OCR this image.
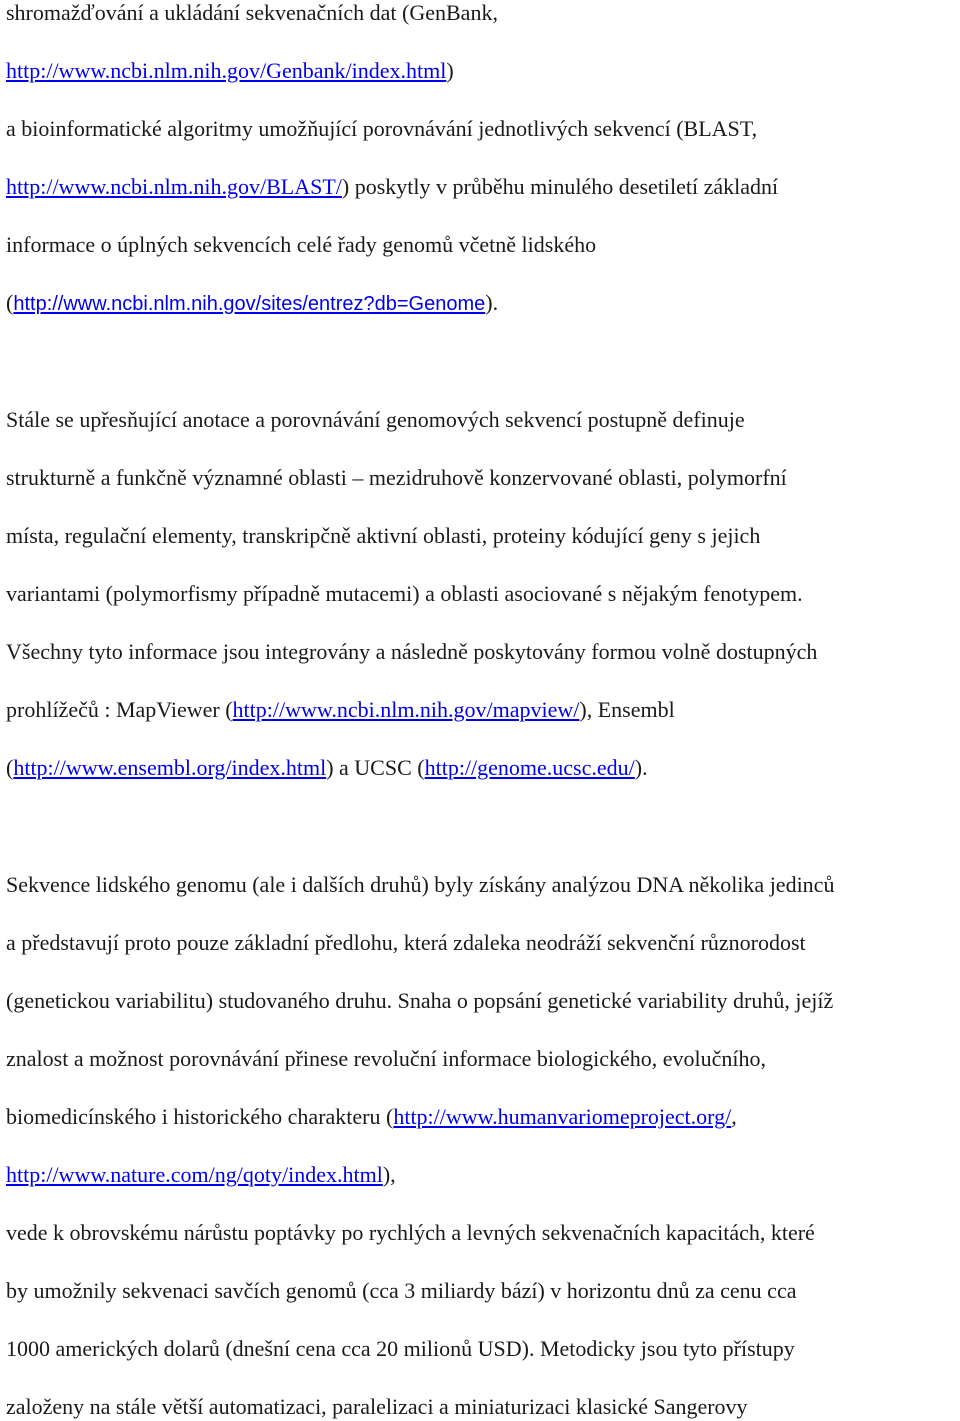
shromažďování a ukládání sekvenačních dat (GenBank,
http://www.ncbi.nlm.nih.gov/Genbank/index.html)
a bioinformatické algoritmy umožňující porovnávání jednotlivých sekvencí (BLAST,
http://www.ncbi.nlm.nih.gov/BLAST/) poskytly v průběhu minulého desetiletí základní
informace o úplných sekvencích celé řady genomů včetně lidského
(http://www.ncbi.nlm.nih.gov/sites/entrez?db=Genome).
Stále se upřesňující anotace a porovnávání genomových sekvencí postupně definuje
strukturně a funkčně významné oblasti – mezidruhově konzervované oblasti, polymorfní
místa, regulační elementy, transkripčně aktivní oblasti, proteiny kódující geny s jejich
variantami (polymorfismy případně mutacemi) a oblasti asociované s nějakým fenotypem.
Všechny tyto informace jsou integrovány a následně poskytovány formou volně dostupných
prohlížečů : MapViewer (http://www.ncbi.nlm.nih.gov/mapview/), Ensembl
(http://www.ensembl.org/index.html) a UCSC (http://genome.ucsc.edu/).
Sekvence lidského genomu (ale i dalších druhů) byly získány analýzou DNA několika jedinců
a představují proto pouze základní předlohu, která zdaleka neodráží sekvenční různorodost
(genetickou variabilitu) studovaného druhu. Snaha o popsání genetické variability druhů, jejíž
znalost a možnost porovnávání přinese revoluční informace biologického, evolučního,
biomedicínského i historického charakteru (http://www.humanvariomeproject.org/,
http://www.nature.com/ng/qoty/index.html),
vede k obrovskému nárůstu poptávky po rychlých a levných sekvenačních kapacitách, které
by umožnily sekvenaci savčích genomů (cca 3 miliardy bází) v horizontu dnů za cenu cca
1000 amerických dolarů (dnešní cena cca 20 milionů USD). Metodicky jsou tyto přístupy
založeny na stále větší automatizaci, paralelizaci a miniaturizaci klasické Sangerovy
